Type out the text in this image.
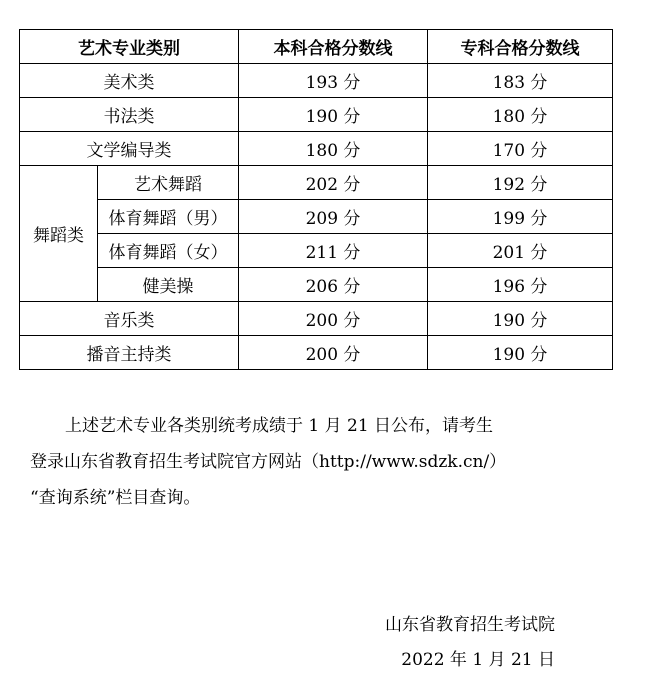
艺术专业类别		本科合格分数线	专科合格分数线
美术类		193 分	183 分
书法类		190 分	180 分
文学编导类		180 分	170 分
舞蹈类	艺术舞蹈	202 分	192 分
	体育舞蹈（男）	209 分	199 分
	体育舞蹈（女）	211 分	201 分
	健美操	206 分	196 分
音乐类		200 分	190 分
播音主持类		200 分	190 分
上述艺术专业各类别统考成绩于 1 月 21 日公布，请考生
登录山东省教育招生考试院官方网站（http://www.sdzk.cn/）
“查询系统”栏目查询。
山东省教育招生考试院
2022 年 1 月 21 日
